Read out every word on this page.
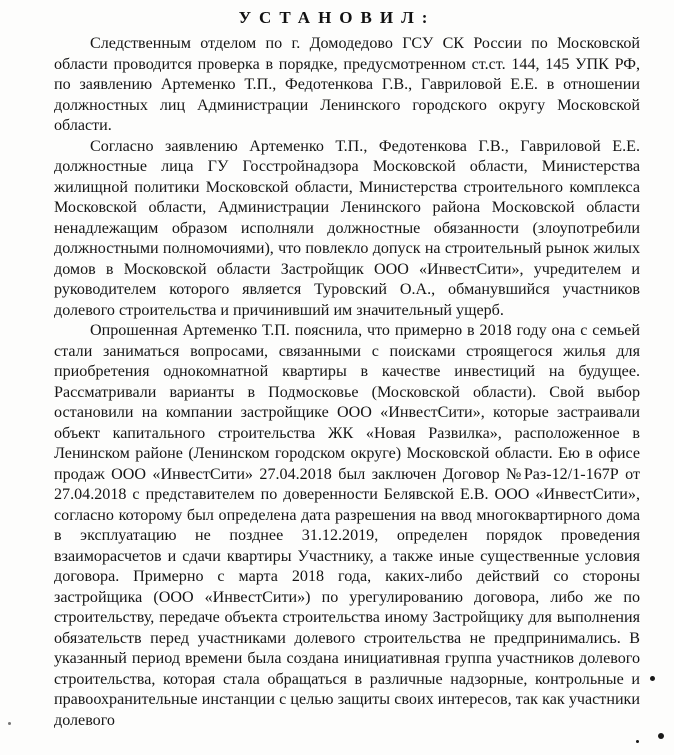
УСТАНОВИЛ:

Следственным отделом по г. Домодедово ГСУ СК России по Московской области проводится проверка в порядке, предусмотренном ст.ст. 144, 145 УПК РФ, по заявлению Артеменко Т.П., Федотенкова Г.В., Гавриловой Е.Е. в отношении должностных лиц Администрации Ленинского городского округу Московской области.

Согласно заявлению Артеменко Т.П., Федотенкова Г.В., Гавриловой Е.Е. должностные лица ГУ Госстройнадзора Московской области, Министерства жилищной политики Московской области, Министерства строительного комплекса Московской области, Администрации Ленинского района Московской области ненадлежащим образом исполняли должностные обязанности (злоупотребили должностными полномочиями), что повлекло допуск на строительный рынок жилых домов в Московской области Застройщик ООО «ИнвестСити», учредителем и руководителем которого является Туровский О.А., обманувшийся участников долевого строительства и причинивший им значительный ущерб.

Опрошенная Артеменко Т.П. пояснила, что примерно в 2018 году она с семьей стали заниматься вопросами, связанными с поисками строящегося жилья для приобретения однокомнатной квартиры в качестве инвестиций на будущее. Рассматривали варианты в Подмосковье (Московской области). Свой выбор остановили на компании застройщике ООО «ИнвестСити», которые застраивали объект капитального строительства ЖК «Новая Развилка», расположенное в Ленинском районе (Ленинском городском округе) Московской области. Ею в офисе продаж ООО «ИнвестСити» 27.04.2018 был заключен Договор №Раз-12/1-167Р от 27.04.2018 с представителем по доверенности Белявской Е.В. ООО «ИнвестСити», согласно которому был определена дата разрешения на ввод многоквартирного дома в эксплуатацию не позднее 31.12.2019, определен порядок проведения взаиморасчетов и сдачи квартиры Участнику, а также иные существенные условия договора. Примерно с марта 2018 года, каких-либо действий со стороны застройщика (ООО «ИнвестСити») по урегулированию договора, либо же по строительству, передаче объекта строительства иному Застройщику для выполнения обязательств перед участниками долевого строительства не предпринимались. В указанный период времени была создана инициативная группа участников долевого строительства, которая стала обращаться в различные надзорные, контрольные и правоохранительные инстанции с целью защиты своих интересов, так как участники долевого
